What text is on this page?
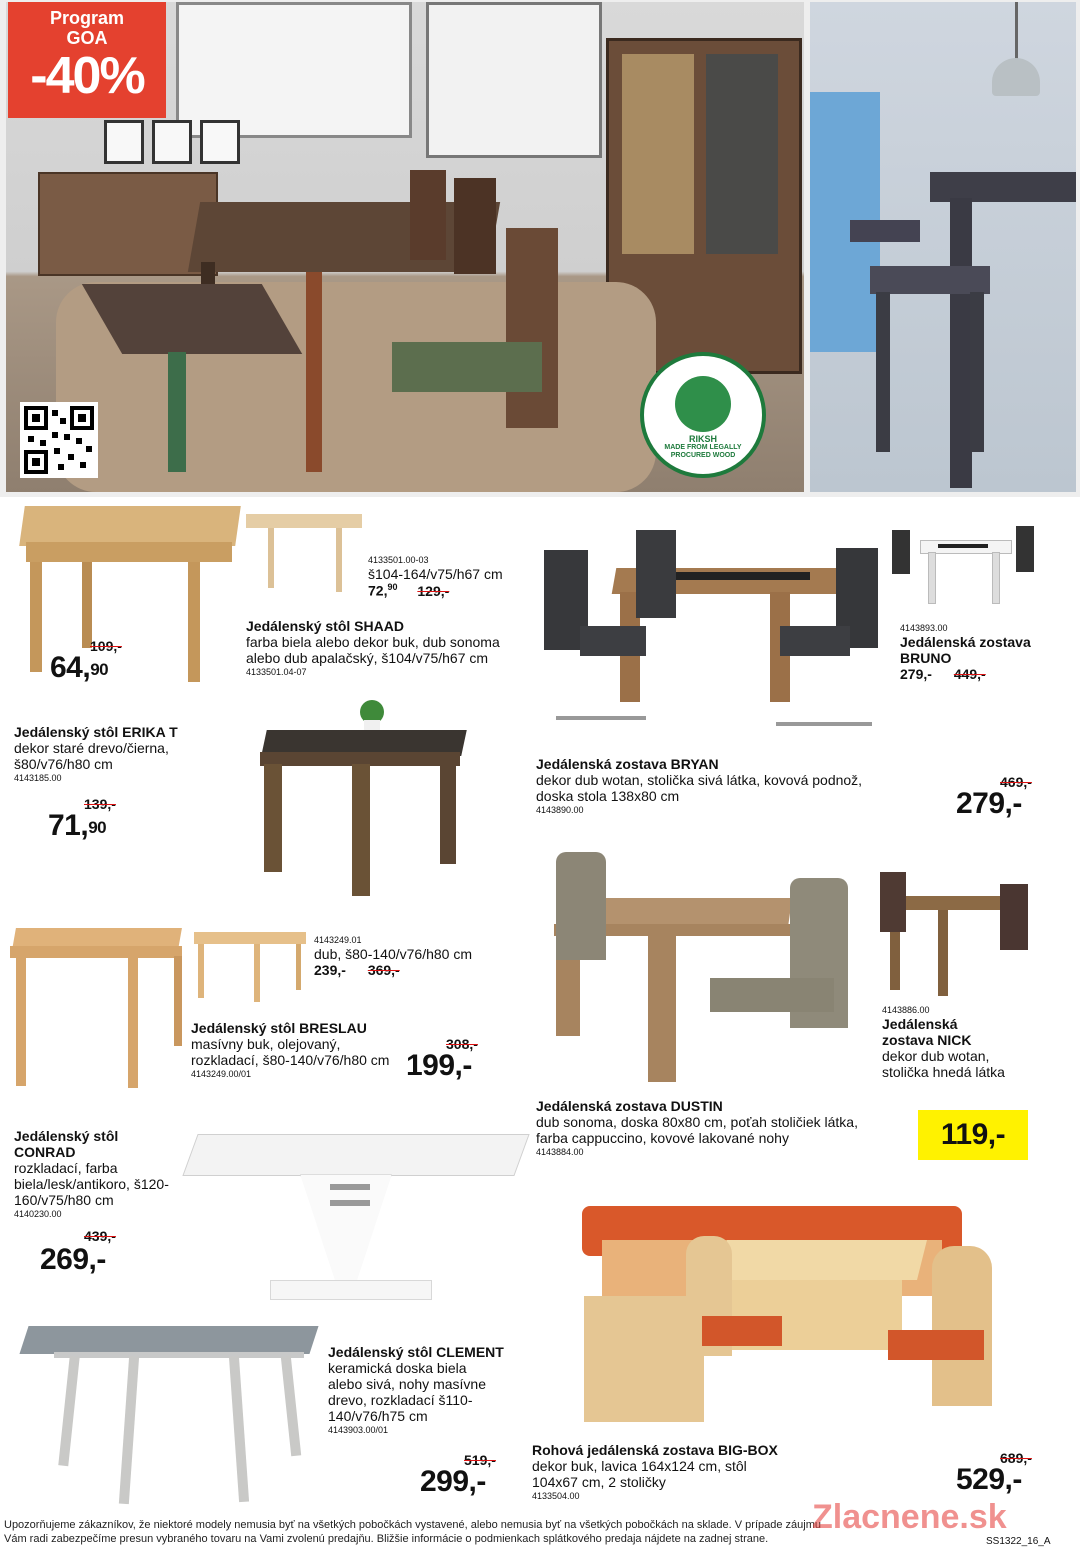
Program
GOA
-40%
RIKSH
MADE FROM LEGALLY PROCURED WOOD
4133501.00-03
š104-164/v75/h67 cm
72,90 129,-
Jedálenský stôl SHAAD
farba biela alebo dekor buk, dub sonoma alebo dub apalačský, š104/v75/h67 cm
4133501.04-07
109,-
64,90
Jedálenský stôl ERIKA T
dekor staré drevo/čierna, š80/v76/h80 cm
4143185.00
139,-
71,90
4143893.00
Jedálenská zostava BRUNO
279,- 449,-
Jedálenská zostava BRYAN
dekor dub wotan, stolička sivá látka, kovová podnož, doska stola 138x80 cm
4143890.00
469,-
279,-
4143249.01
dub, š80-140/v76/h80 cm
239,- 369,-
Jedálenský stôl BRESLAU
masívny buk, olejovaný, rozkladací, š80-140/v76/h80 cm
4143249.00/01
308,-
199,-
4143886.00
Jedálenská zostava NICK
dekor dub wotan, stolička hnedá látka
Jedálenská zostava DUSTIN
dub sonoma, doska 80x80 cm, poťah stoličiek látka, farba cappuccino, kovové lakované nohy
4143884.00
119,-
Jedálenský stôl CONRAD
rozkladací, farba biela/lesk/antikoro, š120-160/v75/h80 cm
4140230.00
439,-
269,-
Jedálenský stôl CLEMENT
keramická doska biela alebo sivá, nohy masívne drevo, rozkladací š110-140/v76/h75 cm
4143903.00/01
519,-
299,-
Rohová jedálenská zostava BIG-BOX
dekor buk, lavica 164x124 cm, stôl 104x67 cm, 2 stoličky
4133504.00
689,-
529,-
Upozorňujeme zákazníkov, že niektoré modely nemusia byť na všetkých pobočkách vystavené, alebo nemusia byť na všetkých pobočkách na sklade. V prípade záujmu
Vám radi zabezpečíme presun vybraného tovaru na Vami zvolenú predajňu. Bližšie informácie o podmienkach splátkového predaja nájdete na zadnej strane.
Zlacnene.sk
SS1322_16_A
